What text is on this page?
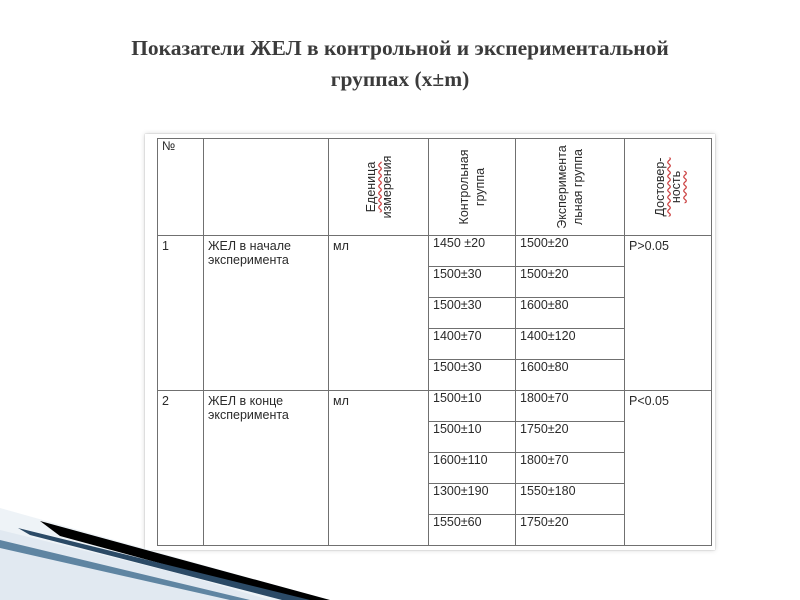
Показатели ЖЕЛ в контрольной и экспериментальной
группах (x±m)
№		Еденица измерения	Контрольная группа	Эксперимента льная группа	Достовер- ность

1	ЖЕЛ в начале эксперимента	мл	1450 ±20	1500±20	P>0.05
			1500±30	1500±20	
			1500±30	1600±80	
			1400±70	1400±120	
			1500±30	1600±80	
2	ЖЕЛ в конце эксперимента	мл	1500±10	1800±70	P<0.05
			1500±10	1750±20	
			1600±110	1800±70	
			1300±190	1550±180	
			1550±60	1750±20	
